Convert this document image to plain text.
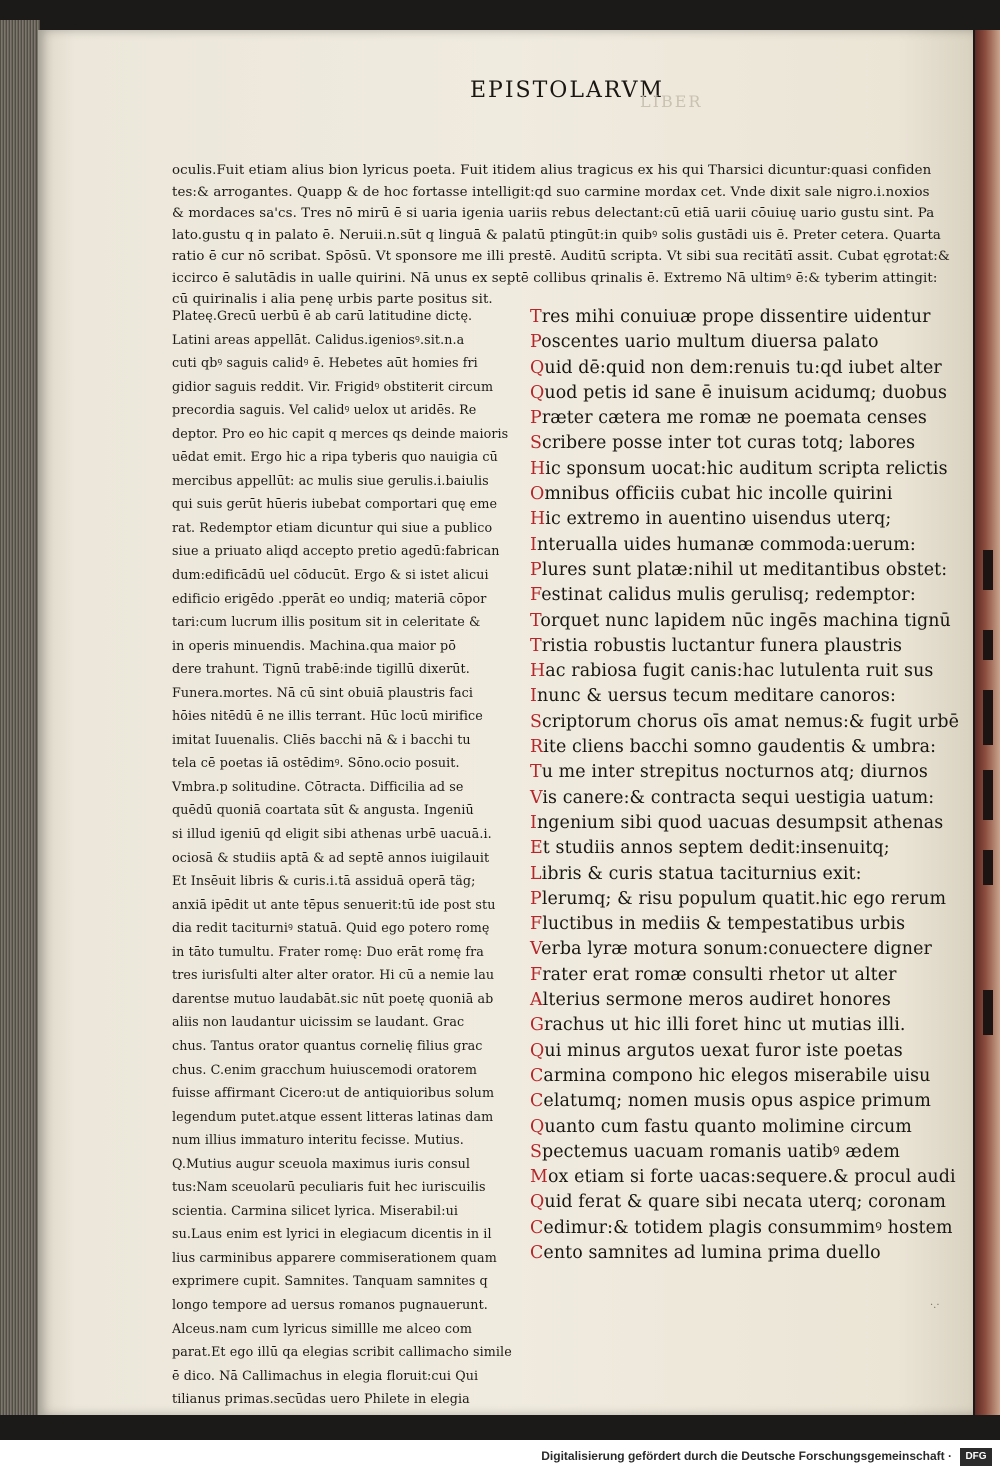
EPISTOLARVM
LIBER
oculis.Fuit etiam alius bion lyricus poeta. Fuit itidem alius tragicus ex his qui Tharsici dicuntur:quasi confiden
tes:& arrogantes. Quapp & de hoc fortasse intelligit:qd suo carmine mordax cet. Vnde dixit sale nigro.i.noxios
& mordaces sa'cs. Tres nō mirū ē si uaria igenia uariis rebus delectant:cū etiā uarii cōuiuę uario gustu sint. Pa
lato.gustu q in palato ē. Neruii.n.sūt q linguā & palatū ptingūt:in quibꝰ solis gustādi uis ē. Preter cetera. Quarta
ratio ē cur nō scribat. Spōsū. Vt sponsore me illi prestē. Auditū scripta. Vt sibi sua recitātī assit. Cubat ęgrotat:&
iccirco ē salutādis in ualle quirini. Nā unus ex septē collibus qrinalis ē. Extremo Nā ultimꝰ ē:& tyberim attingit:
cū quirinalis i alia penę urbis parte positus sit.
Plateę.Grecū uerbū ē ab carū latitudine dictę.
Latini areas appellāt. Calidus.igeniosꝰ.sit.n.a
cuti qbꝰ saguis calidꝰ ē. Hebetes aūt homies fri
gidior saguis reddit. Vir. Frigidꝰ obstiterit circum
precordia saguis. Vel calidꝰ uelox ut aridēs. Re
deptor. Pro eo hic capit q merces qs deinde maioris
uēdat emit. Ergo hic a ripa tyberis quo nauigia cū
mercibus appellūt: ac mulis siue gerulis.i.baiulis
qui suis gerūt hūeris iubebat comportari quę eme
rat. Redemptor etiam dicuntur qui siue a publico
siue a priuato aliqd accepto pretio agedū:fabrican
dum:edificādū uel cōducūt. Ergo & si istet alicui
edificio erigēdo .pperāt eo undiq; materiā cōpor
tari:cum lucrum illis positum sit in celeritate &
in operis minuendis. Machina.qua maior pō
dere trahunt. Tignū trabē:inde tigillū dixerūt.
Funera.mortes. Nā cū sint obuiā plaustris faci
hōies nitēdū ē ne illis terrant. Hūc locū mirifice
imitat Iuuenalis. Cliēs bacchi nā & i bacchi tu
tela cē poetas iā ostēdimꝰ. Sōno.ocio posuit.
Vmbra.p solitudine. Cōtracta. Difficilia ad se
quēdū quoniā coartata sūt & angusta. Ingeniū
si illud igeniū qd eligit sibi athenas urbē uacuā.i.
ociosā & studiis aptā & ad septē annos iuigilauit
Et Insēuit libris & curis.i.tā assiduā operā täg;
anxiā ipēdit ut ante tēpus senuerit:tū ide post stu
dia redit taciturniꝰ statuā. Quid ego potero romę
in tāto tumultu. Frater romę: Duo erāt romę fra
tres iurisſulti alter alter orator. Hi cū a nemie lau
darentse mutuo laudabāt.sic nūt poetę quoniā ab
aliis non laudantur uicissim se laudant. Grac
chus. Tantus orator quantus cornelię filius grac
chus. C.enim gracchum huiuscemodi oratorem
fuisse affirmant Cicero:ut de antiquioribus solum
legendum putet.atque essent litteras latinas dam
num illius immaturo interitu fecisse. Mutius.
Q.Mutius augur sceuola maximus iuris consul
tus:Nam sceuolarū peculiaris fuit hec iuriscuilis
scientia. Carmina silicet lyrica. Miserabil:ui
su.Laus enim est lyrici in elegiacum dicentis in il
lius carminibus apparere commiserationem quam
exprimere cupit. Samnites. Tanquam samnites q
longo tempore ad uersus romanos pugnauerunt.
Alceus.nam cum lyricus simillle me alceo com
parat.Et ego illū qa elegias scribit callimacho simile
ē dico. Nā Callimachus in elegia floruit:cui Qui
tilianus primas.secūdas uero Philete in elegia
Tres mihi conuiuæ prope dissentire uidentur
Poscentes uario multum diuersa palato
Quid dē:quid non dem:renuis tu:qd iubet alter
Quod petis id sane ē inuisum acidumq; duobus
Præter cætera me romæ ne poemata censes
Scribere posse inter tot curas totq; labores
Hic sponsum uocat:hic auditum scripta relictis
Omnibus officiis cubat hic incolle quirini
Hic extremo in auentino uisendus uterq;
Interualla uides humanæ commoda:uerum:
Plures sunt platæ:nihil ut meditantibus obstet:
Festinat calidus mulis gerulisq; redemptor:
Torquet nunc lapidem nūc ingēs machina tignū
Tristia robustis luctantur funera plaustris
Hac rabiosa fugit canis:hac lutulenta ruit sus
Inunc & uersus tecum meditare canoros:
Scriptorum chorus oīs amat nemus:& fugit urbē
Rite cliens bacchi somno gaudentis & umbra:
Tu me inter strepitus nocturnos atq; diurnos
Vis canere:& contracta sequi uestigia uatum:
Ingenium sibi quod uacuas desumpsit athenas
Et studiis annos septem dedit:insenuitq;
Libris & curis statua taciturnius exit:
Plerumq; & risu populum quatit.hic ego rerum
Fluctibus in mediis & tempestatibus urbis
Verba lyræ motura sonum:conuectere digner
Frater erat romæ consulti rhetor ut alter
Alterius sermone meros audiret honores
Grachus ut hic illi foret hinc ut mutias illi.
Qui minus argutos uexat furor iste poetas
Carmina compono hic elegos miserabile uisu
Celatumq; nomen musis opus aspice primum
Quanto cum fastu quanto molimine circum
Spectemus uacuam romanis uatibꝰ ædem
Mox etiam si forte uacas:sequere.& procul audi
Quid ferat & quare sibi necata uterq; coronam
Cedimur:& totidem plagis consummimꝰ hostem
Cento samnites ad lumina prima duello
·.·
Digitalisierung gefördert durch die Deutsche Forschungsgemeinschaft ·	DFG
